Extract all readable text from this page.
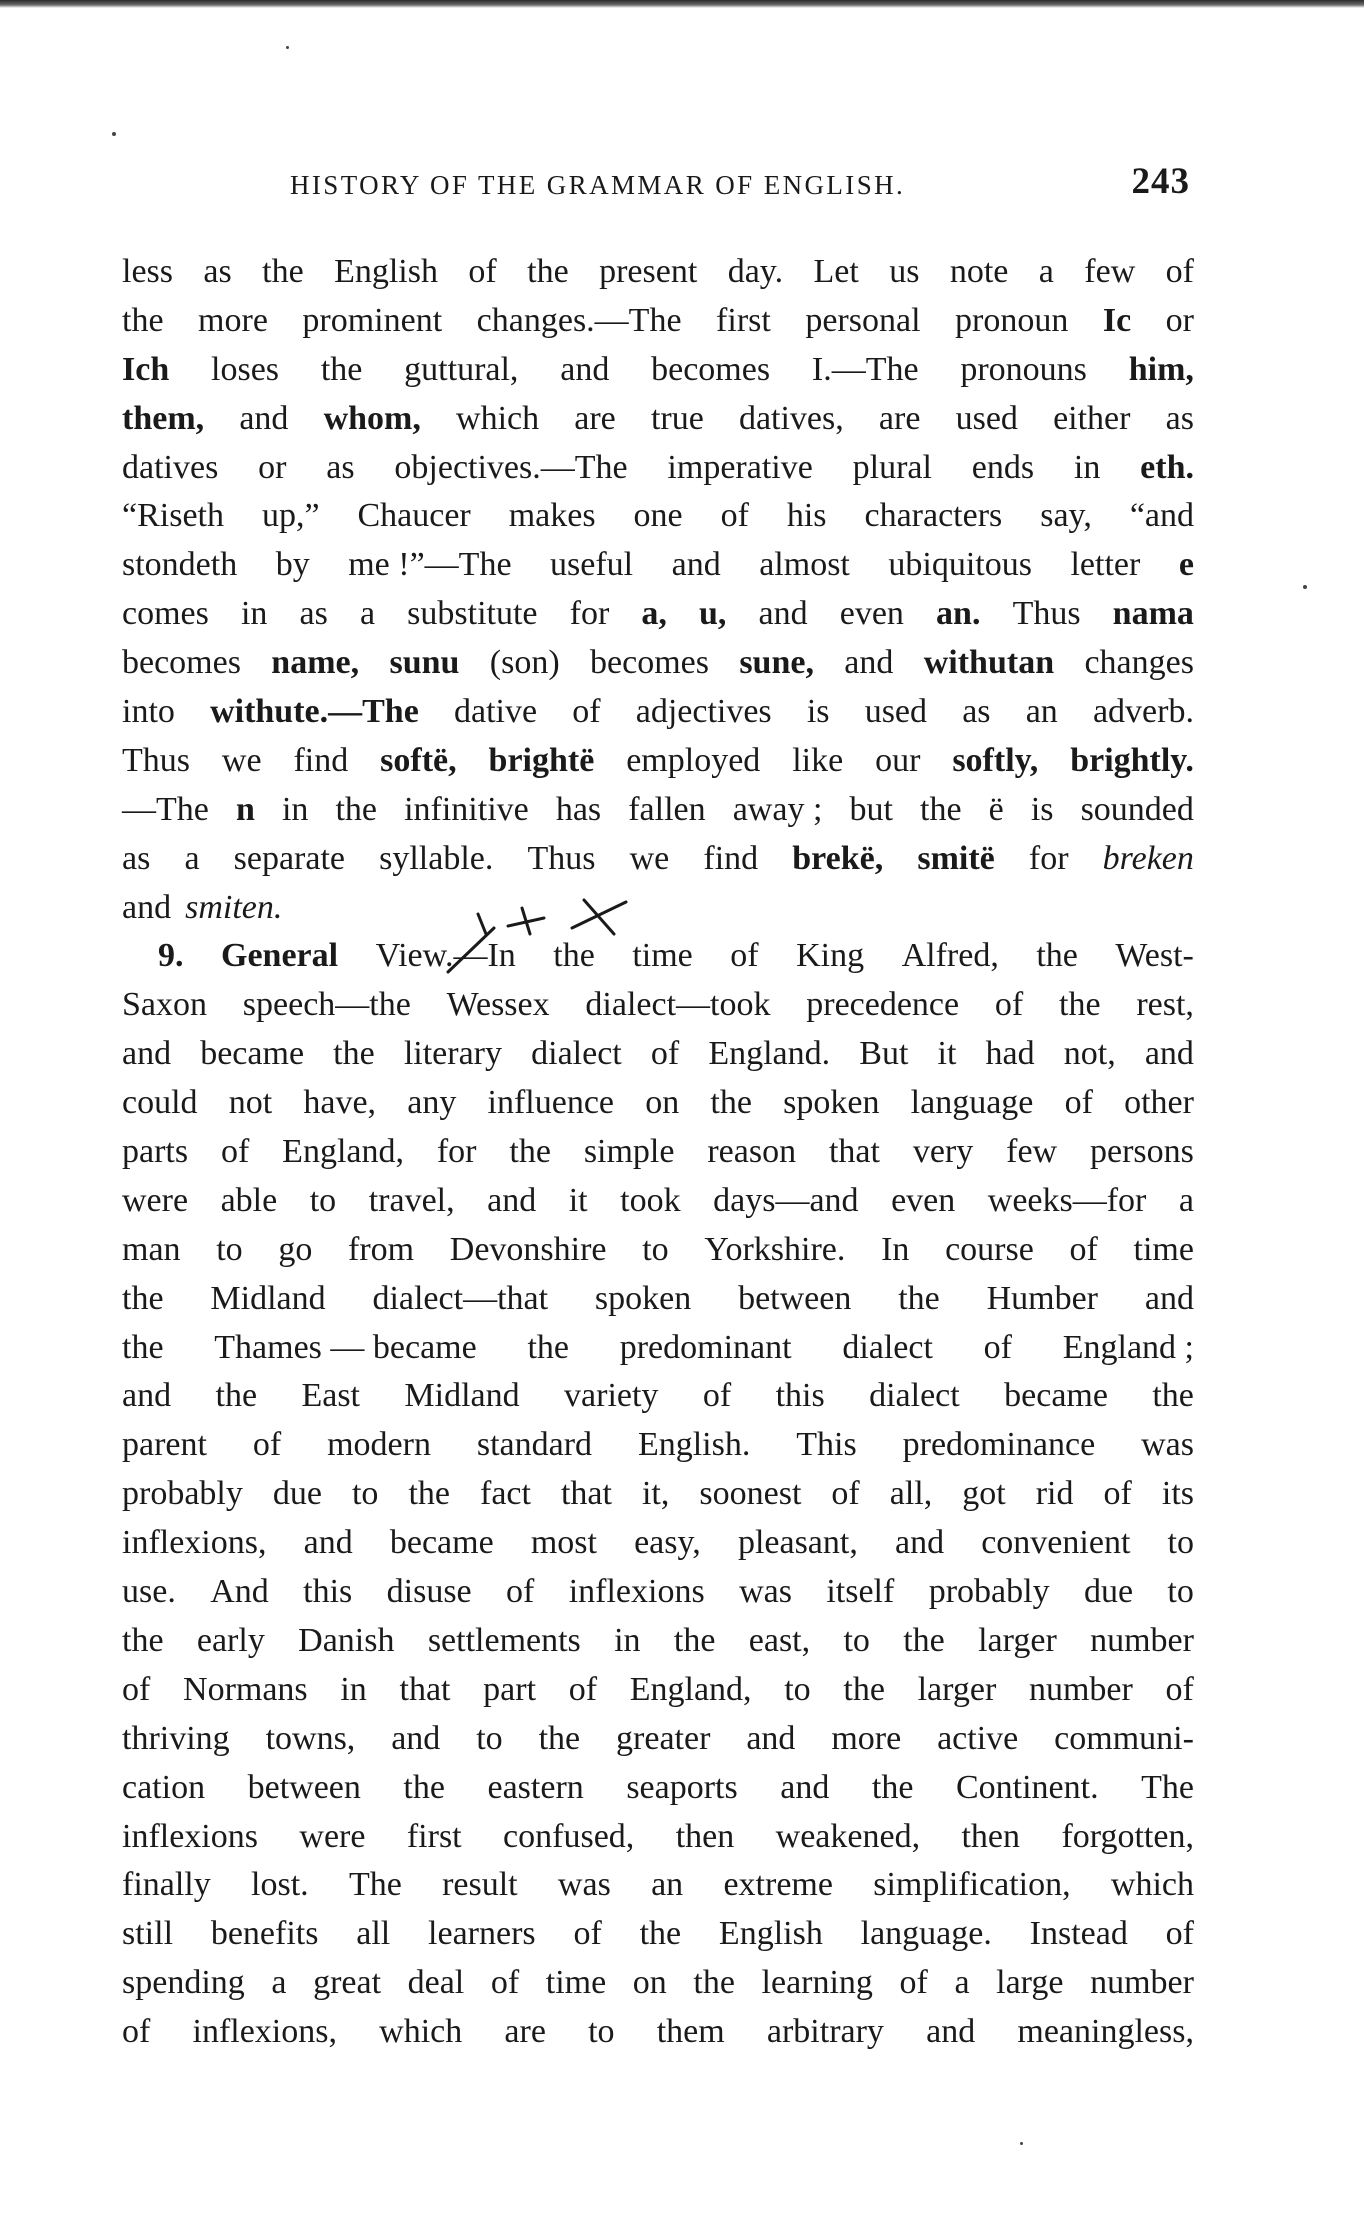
HISTORY OF THE GRAMMAR OF ENGLISH.	243
less as the English of the present day. Let us note a few of
the more prominent changes.—The first personal pronoun Ic or
Ich loses the guttural, and becomes I.—The pronouns him,
them, and whom, which are true datives, are used either as
datives or as objectives.—The imperative plural ends in eth.
“Riseth up,” Chaucer makes one of his characters say, “and
stondeth by me !”—The useful and almost ubiquitous letter e
comes in as a substitute for a, u, and even an. Thus nama
becomes name, sunu (son) becomes sune, and withutan changes
into withute.—The dative of adjectives is used as an adverb.
Thus we find softë, brightë employed like our softly, brightly.
—The n in the infinitive has fallen away ; but the ë is sounded
as a separate syllable. Thus we find brekë, smitë for breken
and smiten.
9. General View.—In the time of King Alfred, the West-
Saxon speech—the Wessex dialect—took precedence of the rest,
and became the literary dialect of England. But it had not, and
could not have, any influence on the spoken language of other
parts of England, for the simple reason that very few persons
were able to travel, and it took days—and even weeks—for a
man to go from Devonshire to Yorkshire. In course of time
the Midland dialect—that spoken between the Humber and
the Thames — became the predominant dialect of England ;
and the East Midland variety of this dialect became the
parent of modern standard English. This predominance was
probably due to the fact that it, soonest of all, got rid of its
inflexions, and became most easy, pleasant, and convenient to
use. And this disuse of inflexions was itself probably due to
the early Danish settlements in the east, to the larger number
of Normans in that part of England, to the larger number of
thriving towns, and to the greater and more active communi-
cation between the eastern seaports and the Continent. The
inflexions were first confused, then weakened, then forgotten,
finally lost. The result was an extreme simplification, which
still benefits all learners of the English language. Instead of
spending a great deal of time on the learning of a large number
of inflexions, which are to them arbitrary and meaningless,
